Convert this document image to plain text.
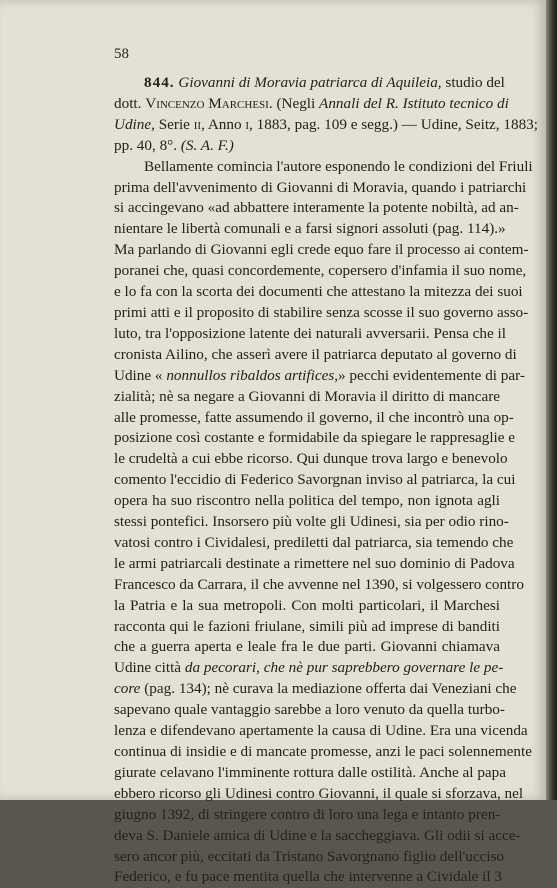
58
844. Giovanni di Moravia patriarca di Aquileia, studio del
dott. Vincenzo Marchesi. (Negli Annali del R. Istituto tecnico di
Udine, Serie ii, Anno i, 1883, pag. 109 e segg.) — Udine, Seitz, 1883;
pp. 40, 8°. (S. A. F.)
Bellamente comincia l'autore esponendo le condizioni del Friuli
prima dell'avvenimento di Giovanni di Moravia, quando i patriarchi
si accingevano «ad abbattere interamente la potente nobiltà, ad an-
nientare le libertà comunali e a farsi signori assoluti (pag. 114).»
Ma parlando di Giovanni egli crede equo fare il processo ai contem-
poranei che, quasi concordemente, copersero d'infamia il suo nome,
e lo fa con la scorta dei documenti che attestano la mitezza dei suoi
primi atti e il proposito di stabilire senza scosse il suo governo asso-
luto, tra l'opposizione latente dei naturali avversarii. Pensa che il
cronista Ailino, che asserì avere il patriarca deputato al governo di
Udine « nonnullos ribaldos artifices,» pecchi evidentemente di par-
zialità; nè sa negare a Giovanni di Moravia il diritto di mancare
alle promesse, fatte assumendo il governo, il che incontrò una op-
posizione così costante e formidabile da spiegare le rappresaglie e
le crudeltà a cui ebbe ricorso. Qui dunque trova largo e benevolo
comento l'eccidio di Federico Savorgnan inviso al patriarca, la cui
opera ha suo riscontro nella politica del tempo, non ignota agli
stessi pontefici. Insorsero più volte gli Udinesi, sia per odio rino-
vatosi contro i Cividalesi, prediletti dal patriarca, sia temendo che
le armi patriarcali destinate a rimettere nel suo dominio di Padova
Francesco da Carrara, il che avvenne nel 1390, si volgessero contro
la Patria e la sua metropoli. Con molti particolari, il Marchesi
racconta qui le fazioni friulane, simili più ad imprese di banditi
che a guerra aperta e leale fra le due parti. Giovanni chiamava
Udine città da pecorari, che nè pur saprebbero governare le pe-
core (pag. 134); nè curava la mediazione offerta dai Veneziani che
sapevano quale vantaggio sarebbe a loro venuto da quella turbo-
lenza e difendevano apertamente la causa di Udine. Era una vicenda
continua di insidie e di mancate promesse, anzi le paci solennemente
giurate celavano l'imminente rottura dalle ostilità. Anche al papa
ebbero ricorso gli Udinesi contro Giovanni, il quale si sforzava, nel
giugno 1392, di stringere contro di loro una lega e intanto pren-
deva S. Daniele amica di Udine e la saccheggiava. Gli odii si acce-
sero ancor più, eccitati da Tristano Savorgnano figlio dell'ucciso
Federico, e fu pace mentita quella che intervenne a Cividale il 3
